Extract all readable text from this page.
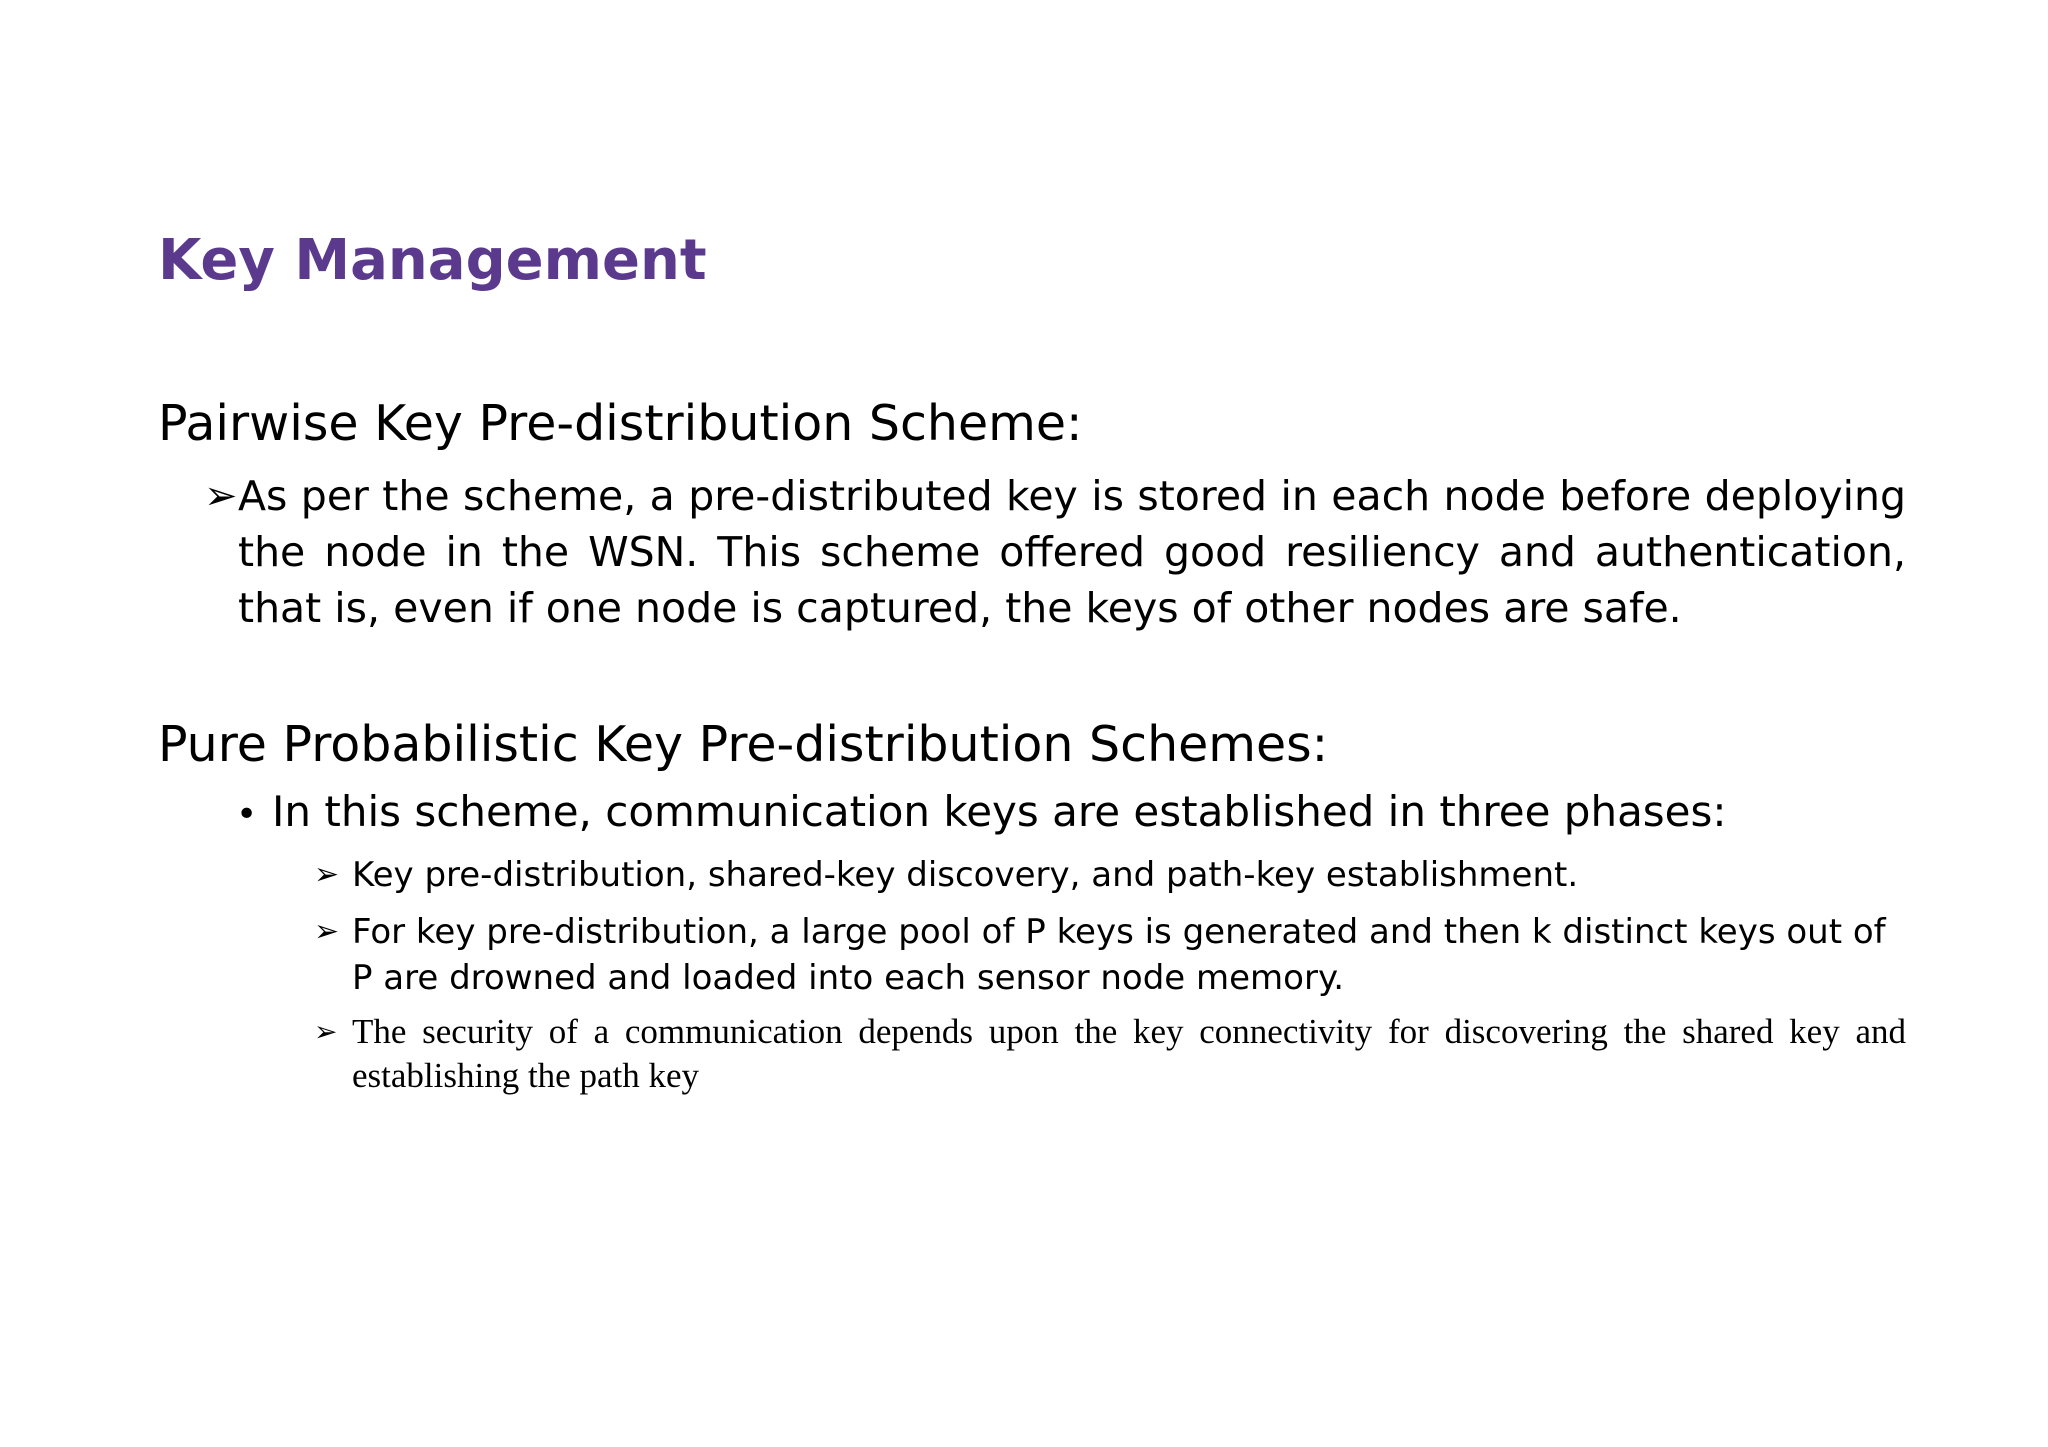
Key Management
Pairwise Key Pre-distribution Scheme:
➢ As per the scheme, a pre-distributed key is stored in each node before deploying the node in the WSN. This scheme offered good resiliency and authentication, that is, even if one node is captured, the keys of other nodes are safe.
Pure Probabilistic Key Pre-distribution Schemes:
• In this scheme, communication keys are established in three phases:
➢ Key pre-distribution, shared-key discovery, and path-key establishment.
➢ For key pre-distribution, a large pool of P keys is generated and then k distinct keys out of P are drowned and loaded into each sensor node memory.
➢ The security of a communication depends upon the key connectivity for discovering the shared key and establishing the path key
